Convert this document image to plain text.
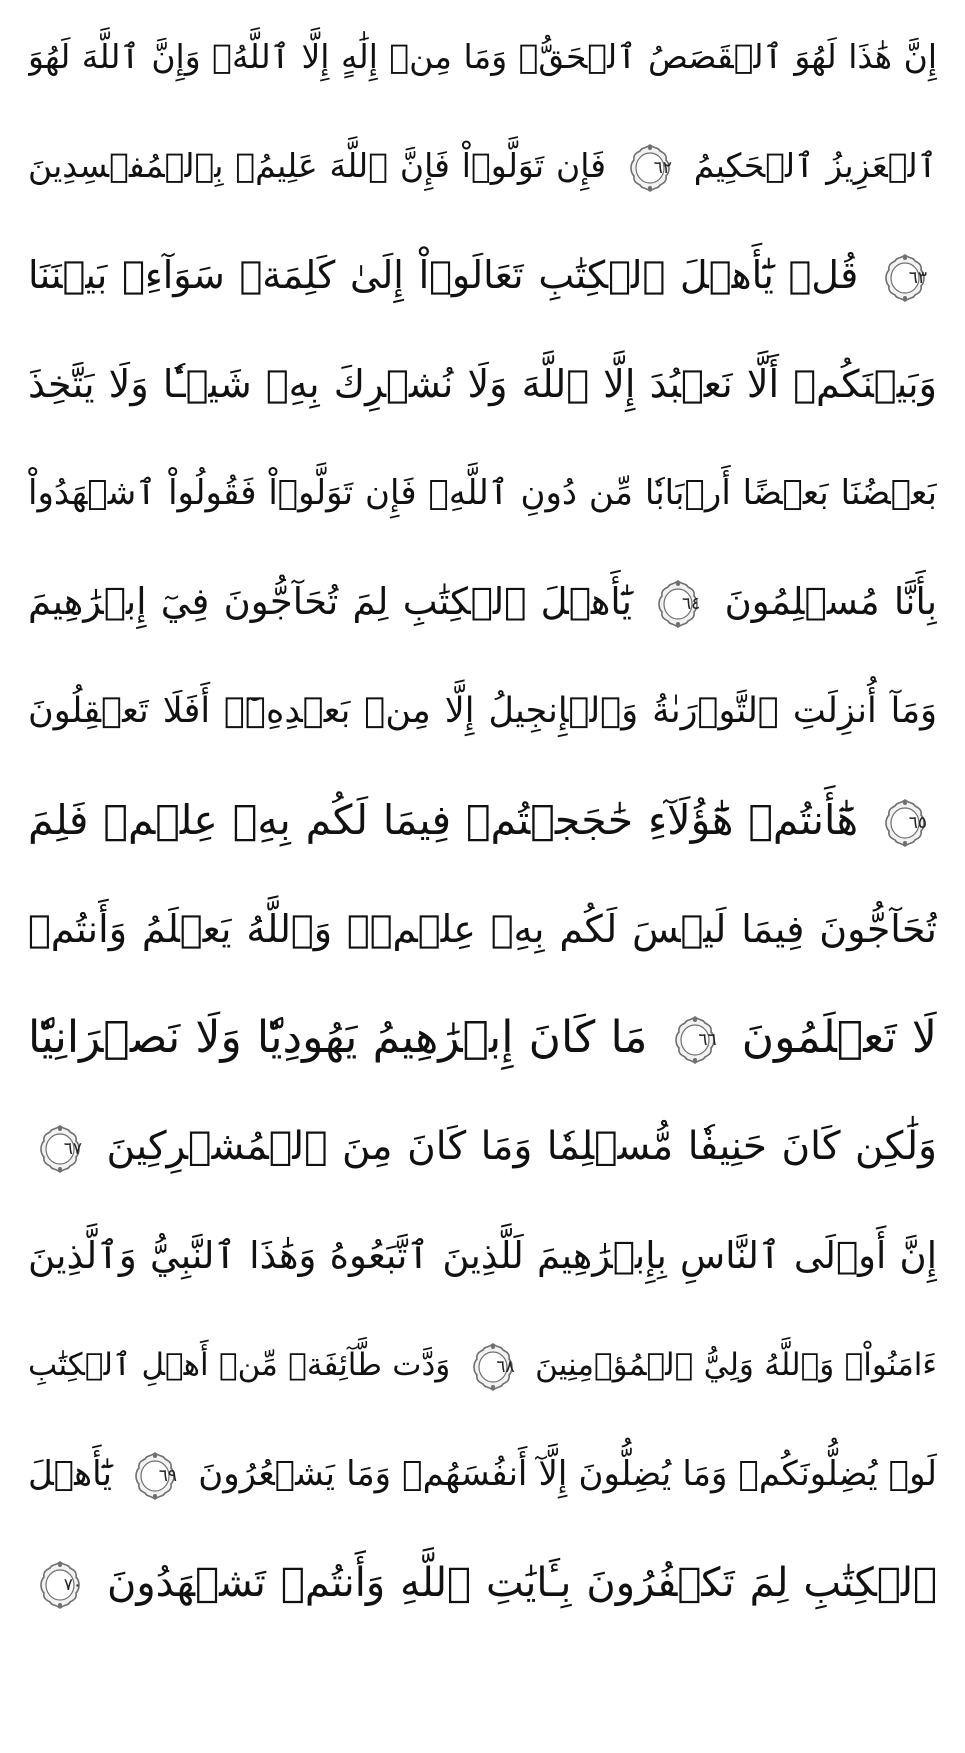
إِنَّ هَٰذَا لَهُوَ ٱلۡقَصَصُ ٱلۡحَقُّۚ وَمَا مِنۡ إِلَٰهٍ إِلَّا ٱللَّهُۚ وَإِنَّ ٱللَّهَ لَهُوَ
ٱلۡعَزِيزُ ٱلۡحَكِيمُ
٦٢
فَإِن تَوَلَّوۡاْ فَإِنَّ ٱللَّهَ عَلِيمُۢ بِٱلۡمُفۡسِدِينَ
٦٣
قُلۡ يَٰٓأَهۡلَ ٱلۡكِتَٰبِ تَعَالَوۡاْ إِلَىٰ كَلِمَةٖ سَوَآءِۭ بَيۡنَنَا
وَبَيۡنَكُمۡ أَلَّا نَعۡبُدَ إِلَّا ٱللَّهَ وَلَا نُشۡرِكَ بِهِۦ شَيۡـٔٗا وَلَا يَتَّخِذَ
بَعۡضُنَا بَعۡضًا أَرۡبَابٗا مِّن دُونِ ٱللَّهِۚ فَإِن تَوَلَّوۡاْ فَقُولُواْ ٱشۡهَدُواْ
بِأَنَّا مُسۡلِمُونَ
٦٤
يَٰٓأَهۡلَ ٱلۡكِتَٰبِ لِمَ تُحَآجُّونَ فِيٓ إِبۡرَٰهِيمَ
وَمَآ أُنزِلَتِ ٱلتَّوۡرَىٰةُ وَٱلۡإِنجِيلُ إِلَّا مِنۢ بَعۡدِهِۦٓۚ أَفَلَا تَعۡقِلُونَ
٦٥
هَٰٓأَنتُمۡ هَٰٓؤُلَآءِ حَٰجَجۡتُمۡ فِيمَا لَكُم بِهِۦ عِلۡمٞ فَلِمَ
تُحَآجُّونَ فِيمَا لَيۡسَ لَكُم بِهِۦ عِلۡمٞۚ وَٱللَّهُ يَعۡلَمُ وَأَنتُمۡ
لَا تَعۡلَمُونَ
٦٦
مَا كَانَ إِبۡرَٰهِيمُ يَهُودِيّٗا وَلَا نَصۡرَانِيّٗا
وَلَٰكِن كَانَ حَنِيفٗا مُّسۡلِمٗا وَمَا كَانَ مِنَ ٱلۡمُشۡرِكِينَ
٦٧
إِنَّ أَوۡلَى ٱلنَّاسِ بِإِبۡرَٰهِيمَ لَلَّذِينَ ٱتَّبَعُوهُ وَهَٰذَا ٱلنَّبِيُّ وَٱلَّذِينَ
ءَامَنُواْۗ وَٱللَّهُ وَلِيُّ ٱلۡمُؤۡمِنِينَ
٦٨
وَدَّت طَّآئِفَةٞ مِّنۡ أَهۡلِ ٱلۡكِتَٰبِ
لَوۡ يُضِلُّونَكُمۡ وَمَا يُضِلُّونَ إِلَّآ أَنفُسَهُمۡ وَمَا يَشۡعُرُونَ
٦٩
يَٰٓأَهۡلَ
ٱلۡكِتَٰبِ لِمَ تَكۡفُرُونَ بِـَٔايَٰتِ ٱللَّهِ وَأَنتُمۡ تَشۡهَدُونَ
٧٠
